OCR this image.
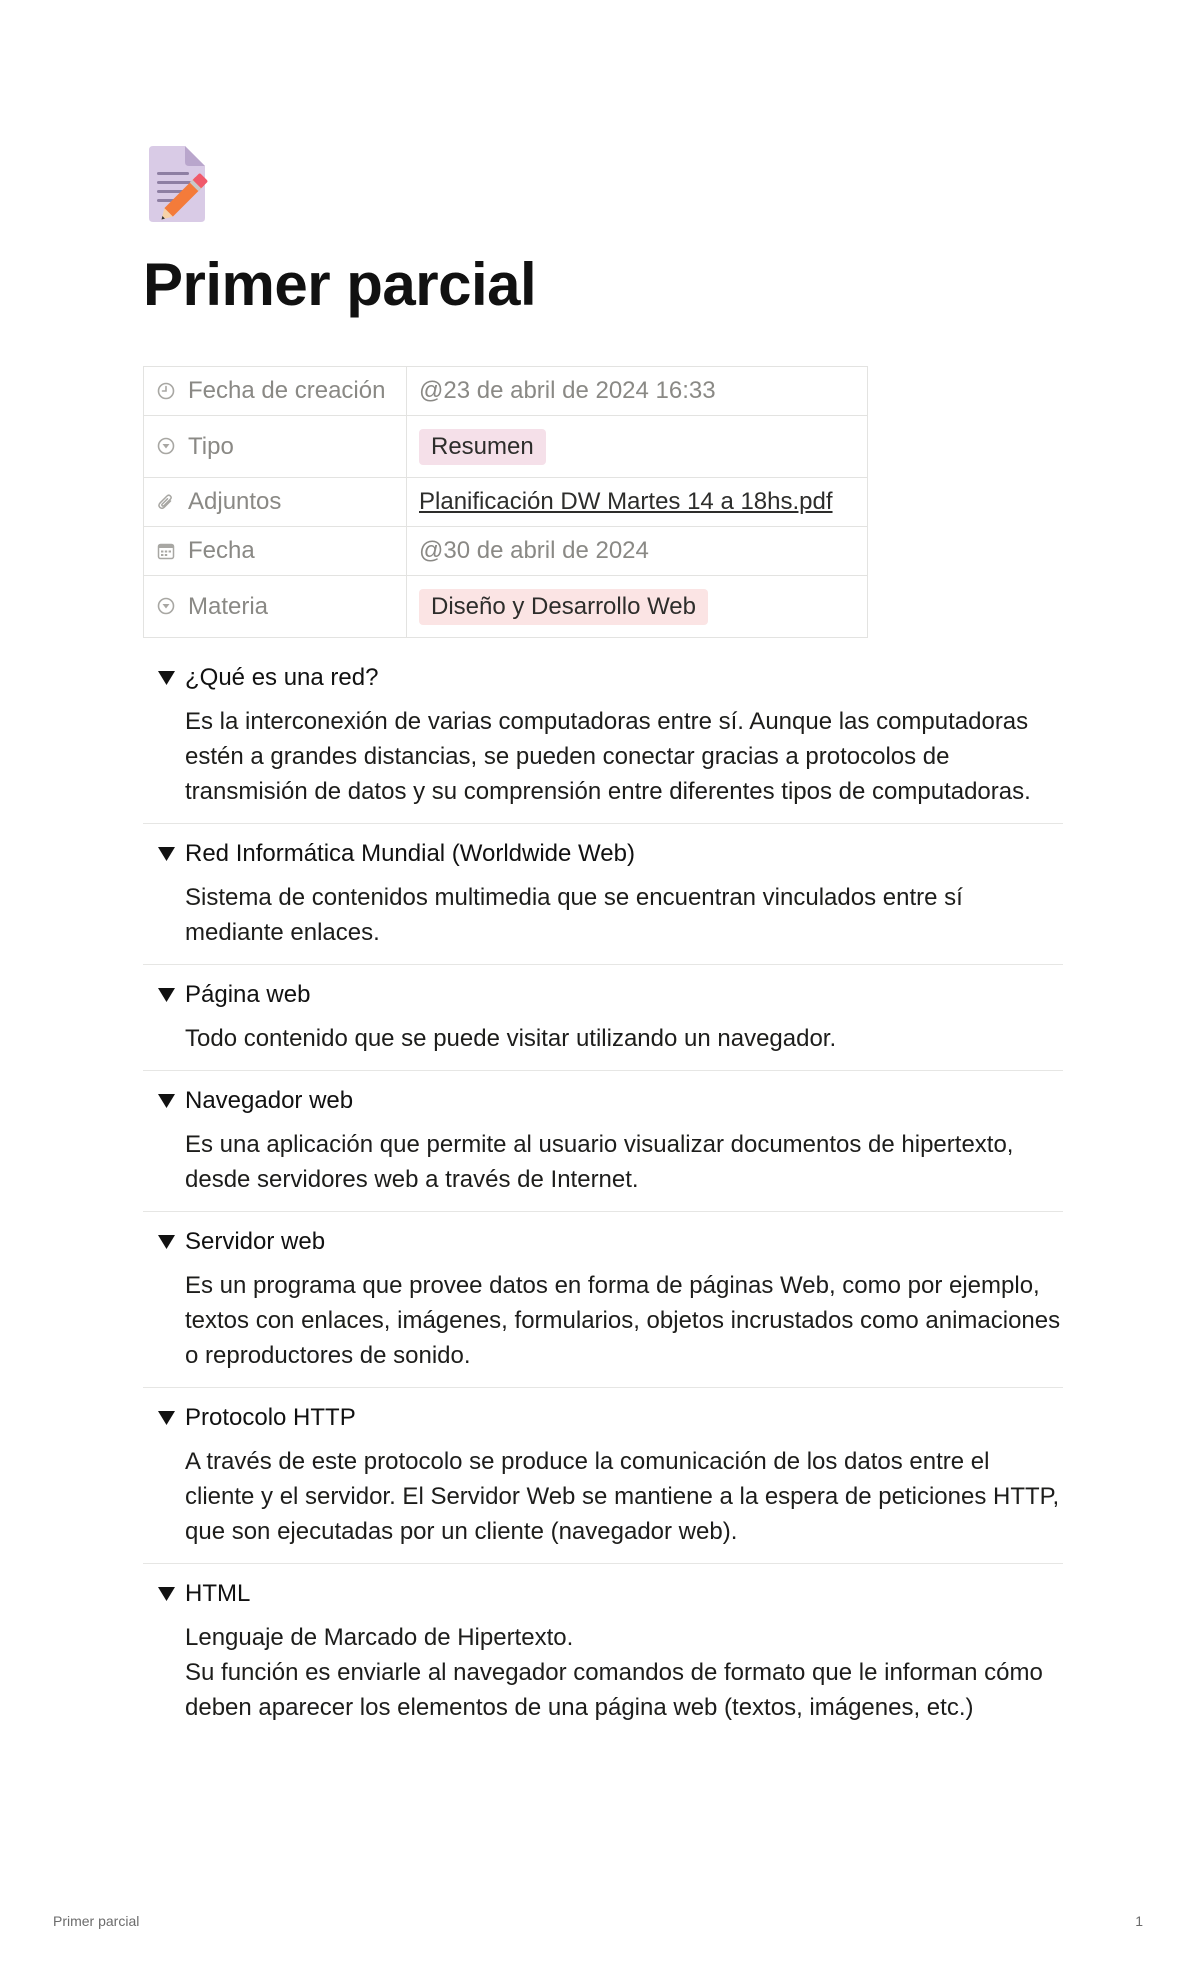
Primer parcial
Fecha de creación	@23 de abril de 2024 16:33
Tipo	Resumen
Adjuntos	Planificación DW Martes 14 a 18hs.pdf
Fecha	@30 de abril de 2024
Materia	Diseño y Desarrollo Web
¿Qué es una red?

Es la interconexión de varias computadoras entre sí. Aunque las computadoras estén a grandes distancias, se pueden conectar gracias a protocolos de transmisión de datos y su comprensión entre diferentes tipos de computadoras.

Red Informática Mundial (Worldwide Web)

Sistema de contenidos multimedia que se encuentran vinculados entre sí mediante enlaces.

Página web

Todo contenido que se puede visitar utilizando un navegador.

Navegador web

Es una aplicación que permite al usuario visualizar documentos de hipertexto, desde servidores web a través de Internet.

Servidor web

Es un programa que provee datos en forma de páginas Web, como por ejemplo, textos con enlaces, imágenes, formularios, objetos incrustados como animaciones o reproductores de sonido.

Protocolo HTTP

A través de este protocolo se produce la comunicación de los datos entre el cliente y el servidor. El Servidor Web se mantiene a la espera de peticiones HTTP, que son ejecutadas por un cliente (navegador web).

HTML

Lenguaje de Marcado de Hipertexto.

Su función es enviarle al navegador comandos de formato que le informan cómo deben aparecer los elementos de una página web (textos, imágenes, etc.)

Primer parcial	1
